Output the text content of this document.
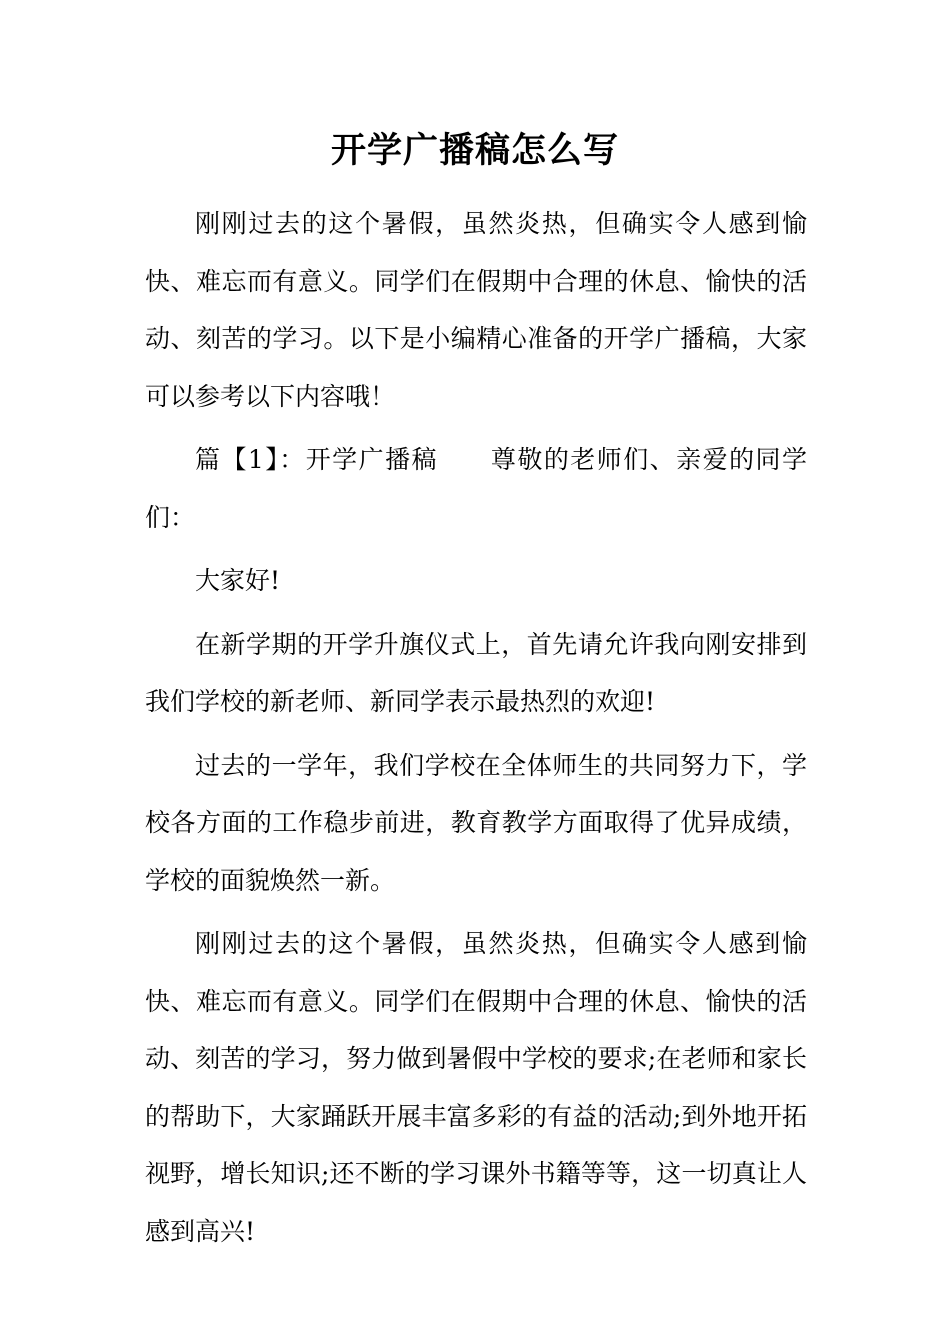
开学广播稿怎么写

刚刚过去的这个暑假，虽然炎热，但确实令人感到愉快、难忘而有意义。同学们在假期中合理的休息、愉快的活动、刻苦的学习。以下是小编精心准备的开学广播稿，大家可以参考以下内容哦！

篇【1】：开学广播稿　　尊敬的老师们、亲爱的同学们：

大家好!

在新学期的开学升旗仪式上，首先请允许我向刚安排到我们学校的新老师、新同学表示最热烈的欢迎!

过去的一学年，我们学校在全体师生的共同努力下，学校各方面的工作稳步前进，教育教学方面取得了优异成绩，学校的面貌焕然一新。

刚刚过去的这个暑假，虽然炎热，但确实令人感到愉快、难忘而有意义。同学们在假期中合理的休息、愉快的活动、刻苦的学习，努力做到暑假中学校的要求;在老师和家长的帮助下，大家踊跃开展丰富多彩的有益的活动;到外地开拓视野，增长知识;还不断的学习课外书籍等等，这一切真让人感到高兴!
